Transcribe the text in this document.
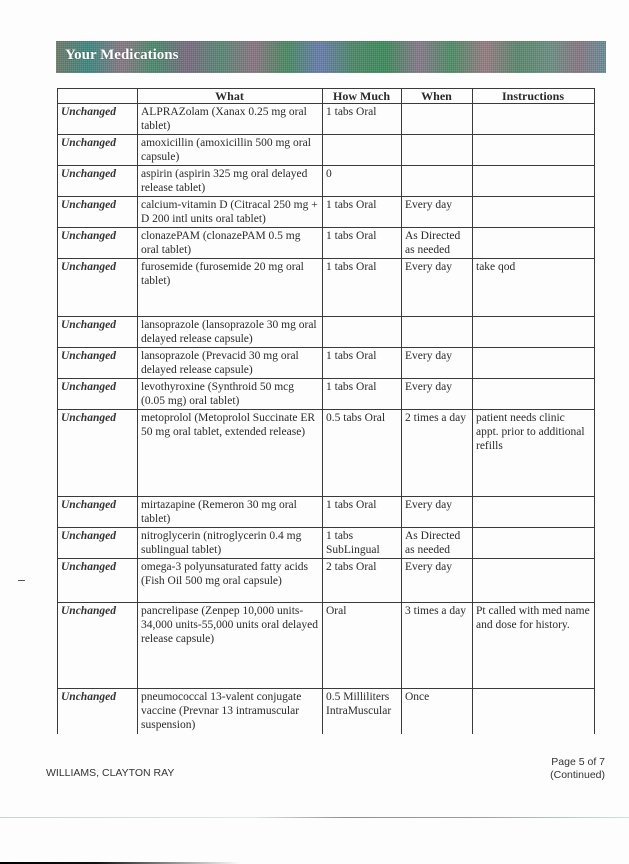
Your Medications
	What	How Much	When	Instructions
Unchanged	ALPRAZolam (Xanax 0.25 mg oral tablet)	1 tabs Oral		
Unchanged	amoxicillin (amoxicillin 500 mg oral capsule)			
Unchanged	aspirin (aspirin 325 mg oral delayed release tablet)	0		
Unchanged	calcium-vitamin D (Citracal 250 mg + D 200 intl units oral tablet)	1 tabs Oral	Every day	
Unchanged	clonazePAM (clonazePAM 0.5 mg oral tablet)	1 tabs Oral	As Directed as needed	
Unchanged	furosemide (furosemide 20 mg oral tablet)	1 tabs Oral	Every day	take qod
Unchanged	lansoprazole (lansoprazole 30 mg oral delayed release capsule)			
Unchanged	lansoprazole (Prevacid 30 mg oral delayed release capsule)	1 tabs Oral	Every day	
Unchanged	levothyroxine (Synthroid 50 mcg (0.05 mg) oral tablet)	1 tabs Oral	Every day	
Unchanged	metoprolol (Metoprolol Succinate ER 50 mg oral tablet, extended release)	0.5 tabs Oral	2 times a day	patient needs clinic appt. prior to additional refills
Unchanged	mirtazapine (Remeron 30 mg oral tablet)	1 tabs Oral	Every day	
Unchanged	nitroglycerin (nitroglycerin 0.4 mg sublingual tablet)	1 tabs SubLingual	As Directed as needed	
Unchanged	omega-3 polyunsaturated fatty acids (Fish Oil 500 mg oral capsule)	2 tabs Oral	Every day	
Unchanged	pancrelipase (Zenpep 10,000 units-34,000 units-55,000 units oral delayed release capsule)	Oral	3 times a day	Pt called with med name and dose for history.
Unchanged	pneumococcal 13-valent conjugate vaccine (Prevnar 13 intramuscular suspension)	0.5 Milliliters IntraMuscular	Once	
WILLIAMS, CLAYTON RAY
Page 5 of 7
(Continued)
